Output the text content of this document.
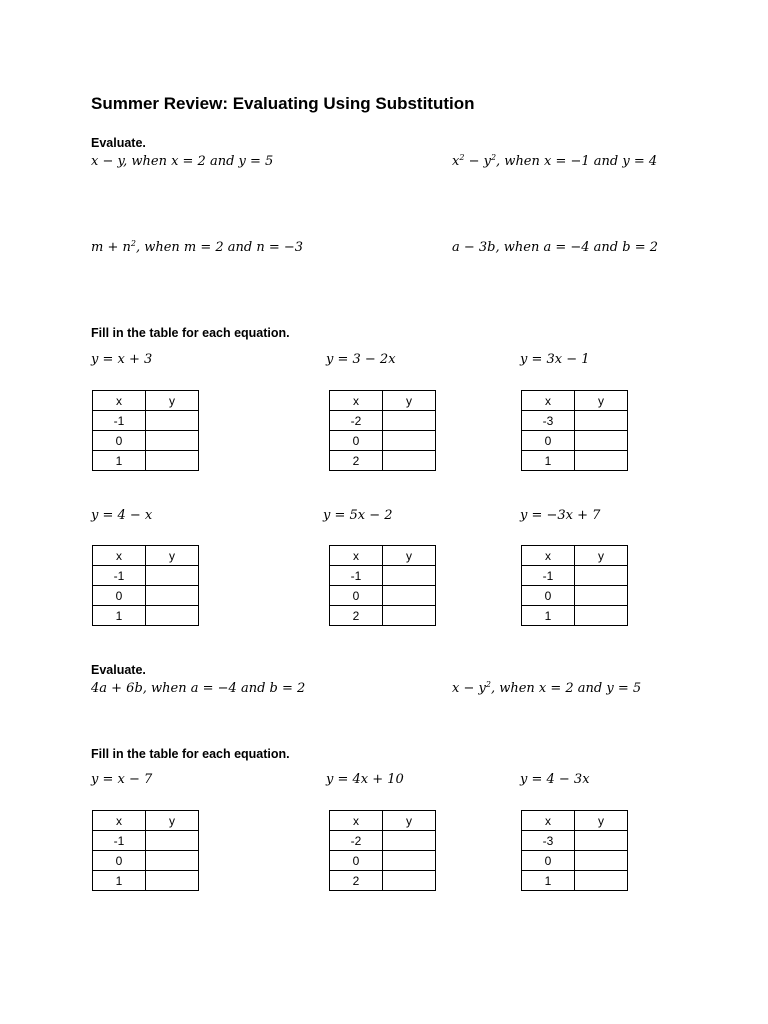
Summer Review: Evaluating Using Substitution
Evaluate.
x − y, when x = 2 and y = 5	$x^2 - y^2$, when x = −1 and y = 4
$m + n^2$, when m = 2 and n = −3	a − 3b, when a = −4 and b = 2
Fill in the table for each equation.
y = x + 3	y = 3 − 2x	y = 3x − 1
x	y
-1	
0	
1	
x	y
-2	
0	
2	
x	y
-3	
0	
1	
y = 4 − x	y = 5x − 2	y = −3x + 7
x	y
-1	
0	
1	
x	y
-1	
0	
2	
x	y
-1	
0	
1	
Evaluate.
4a + 6b, when a = −4 and b = 2	$x - y^2$, when x = 2 and y = 5
Fill in the table for each equation.
y = x − 7	y = 4x + 10	y = 4 − 3x
x	y
-1	
0	
1	
x	y
-2	
0	
2	
x	y
-3	
0	
1	
